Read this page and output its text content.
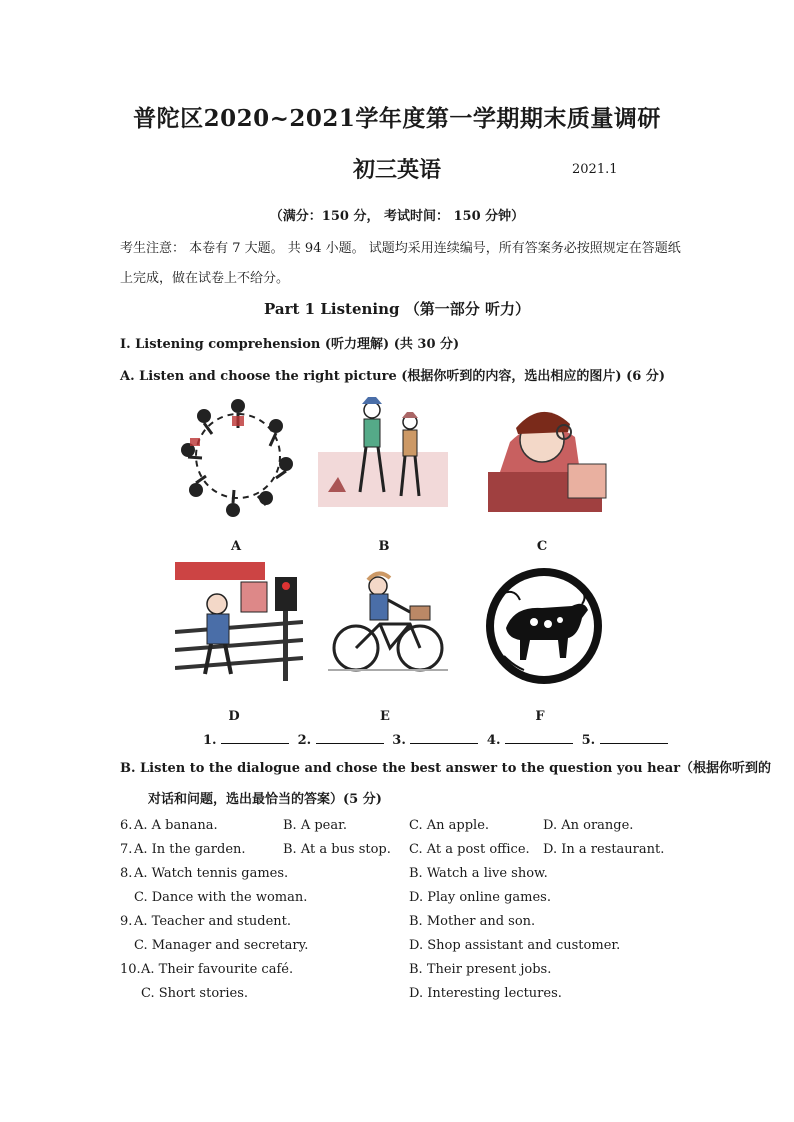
普陀区2020~2021学年度第一学期期末质量调研
初三英语	2021.1
（满分：150 分， 考试时间： 150 分钟）
考生注意： 本卷有 7 大题。 共 94 小题。 试题均采用连续编号，所有答案务必按照规定在答题纸上完成，做在试卷上不给分。
Part 1 Listening （第一部分 听力）
I. Listening comprehension (听力理解) (共 30 分)
A. Listen and choose the right picture (根据你听到的内容，选出相应的图片) (6 分)
A	B	C
D	E	F
1.	2.	3.	4.	5.
B. Listen to the dialogue and chose the best answer to the question you hear（根据你听到的
对话和问题，选出最恰当的答案）(5 分)
6. A. A banana.	B. A pear.	C. An apple.	D. An orange.
7. A. In the garden.	B. At a bus stop. C. At a post office. D. In a restaurant.
8. A. Watch tennis games.	B. Watch a live show.
C. Dance with the woman.	D. Play online games.
9. A. Teacher and student.	B. Mother and son.
C. Manager and secretary.	D. Shop assistant and customer.
10. A. Their favourite café.	B. Their present jobs.
C. Short stories.	D. Interesting lectures.
